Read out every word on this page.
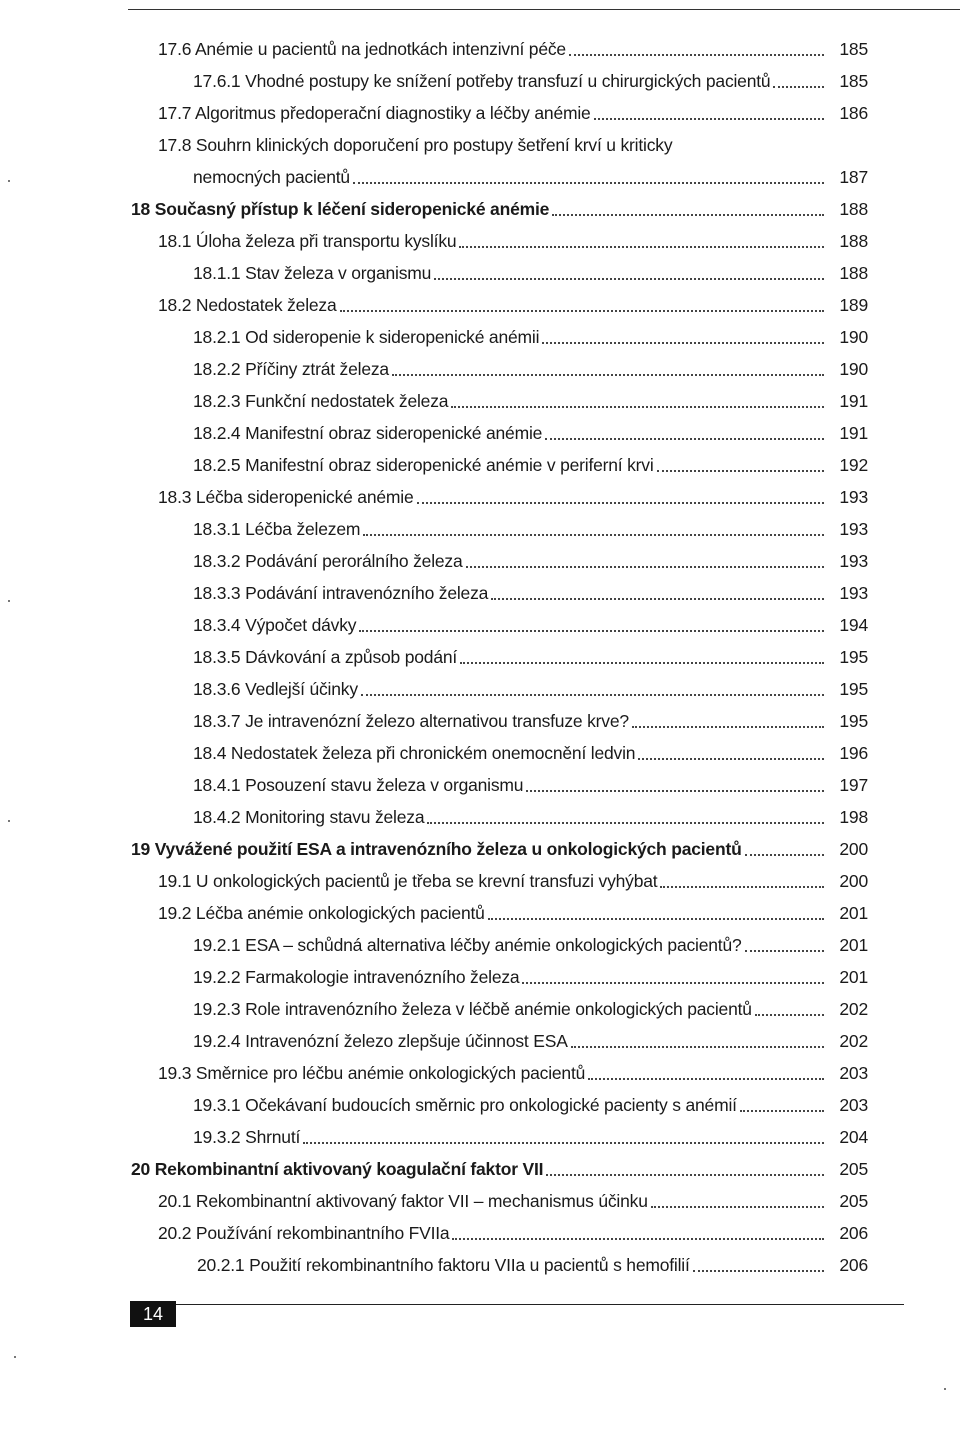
17.6 Anémie u pacientů na jednotkách intenzivní péče	185
17.6.1 Vhodné postupy ke snížení potřeby transfuzí u chirurgických pacientů	185
17.7 Algoritmus předoperační diagnostiky a léčby anémie	186
17.8 Souhrn klinických doporučení pro postupy šetření krví u kriticky
nemocných pacientů	187
18 Současný přístup k léčení sideropenické anémie	188
18.1 Úloha železa při transportu kyslíku	188
18.1.1 Stav železa v organismu	188
18.2 Nedostatek železa	189
18.2.1 Od sideropenie k sideropenické anémii	190
18.2.2 Příčiny ztrát železa	190
18.2.3 Funkční nedostatek železa	191
18.2.4 Manifestní obraz sideropenické anémie	191
18.2.5 Manifestní obraz sideropenické anémie v periferní krvi	192
18.3 Léčba sideropenické anémie	193
18.3.1 Léčba železem	193
18.3.2 Podávání perorálního železa	193
18.3.3 Podávání intravenózního železa	193
18.3.4 Výpočet dávky	194
18.3.5 Dávkování a způsob podání	195
18.3.6 Vedlejší účinky	195
18.3.7 Je intravenózní železo alternativou transfuze krve?	195
18.4 Nedostatek železa při chronickém onemocnění ledvin	196
18.4.1 Posouzení stavu železa v organismu	197
18.4.2 Monitoring stavu železa	198
19 Vyvážené použití ESA a intravenózního železa u onkologických pacientů	200
19.1 U onkologických pacientů je třeba se krevní transfuzi vyhýbat	200
19.2 Léčba anémie onkologických pacientů	201
19.2.1 ESA – schůdná alternativa léčby anémie onkologických pacientů?	201
19.2.2 Farmakologie intravenózního železa	201
19.2.3 Role intravenózního železa v léčbě anémie onkologických pacientů	202
19.2.4 Intravenózní železo zlepšuje účinnost ESA	202
19.3 Směrnice pro léčbu anémie onkologických pacientů	203
19.3.1 Očekávaní budoucích směrnic pro onkologické pacienty s anémií	203
19.3.2 Shrnutí	204
20 Rekombinantní aktivovaný koagulační faktor VII	205
20.1 Rekombinantní aktivovaný faktor VII – mechanismus účinku	205
20.2 Používání rekombinantního FVIIa	206
20.2.1 Použití rekombinantního faktoru VIIa u pacientů s hemofilií	206
14
